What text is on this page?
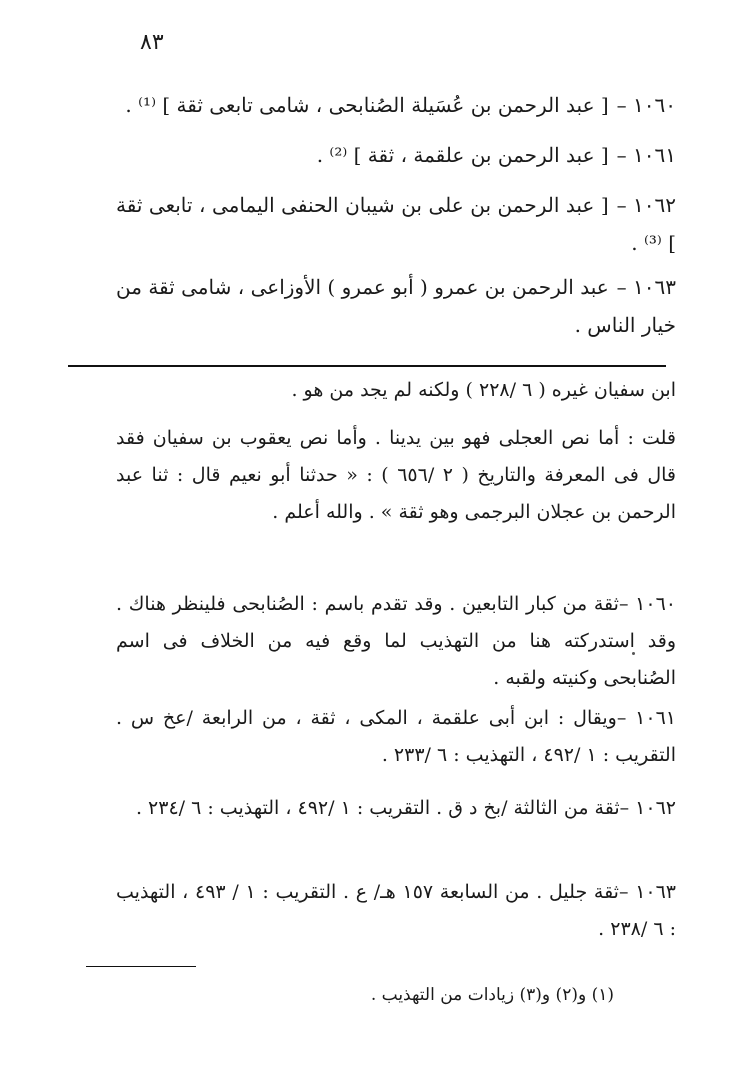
٨٣
١٠٦٠ –[ عبد الرحمن بن عُسَيلة الصُنابحى ، شامى تابعى ثقة ] ⁽¹⁾ .
١٠٦١ –[ عبد الرحمن بن علقمة ، ثقة ] ⁽²⁾ .
١٠٦٢ –[ عبد الرحمن بن على بن شيبان الحنفى اليمامى ، تابعى ثقة ] ⁽³⁾ .
١٠٦٣ –عبد الرحمن بن عمرو ( أبو عمرو ) الأوزاعى ، شامى ثقة من خيار الناس .
ابن سفيان غيره ( ٦ /٢٢٨ ) ولكنه لم يجد من هو .
قلت : أما نص العجلى فهو بين يدينا . وأما نص يعقوب بن سفيان فقد قال فى المعرفة والتاريخ ( ٢ /٦٥٦ ) : « حدثنا أبو نعيم قال : ثنا عبد الرحمن بن عجلان البرجمى وهو ثقة » . والله أعلم .
١٠٦٠ –ثقة من كبار التابعين . وقد تقدم باسم : الصُنابحى فلينظر هناك . وقد استدركته هنا من التهذيب لما وقع فيه من الخلاف فى اسم الصُنابحى وكنيته ولقبه .
١٠٦١ –ويقال : ابن أبى علقمة ، المكى ، ثقة ، من الرابعة /عخ س . التقريب : ١ /٤٩٢ ، التهذيب : ٦ /٢٣٣ .
١٠٦٢ –ثقة من الثالثة /بخ د ق . التقريب : ١ /٤٩٢ ، التهذيب : ٦ /٢٣٤ .
١٠٦٣ –ثقة جليل . من السابعة ١٥٧ هـ/ ع . التقريب : ١ / ٤٩٣ ، التهذيب : ٦ /٢٣٨ .
(١) و(٢) و(٣) زيادات من التهذيب .
